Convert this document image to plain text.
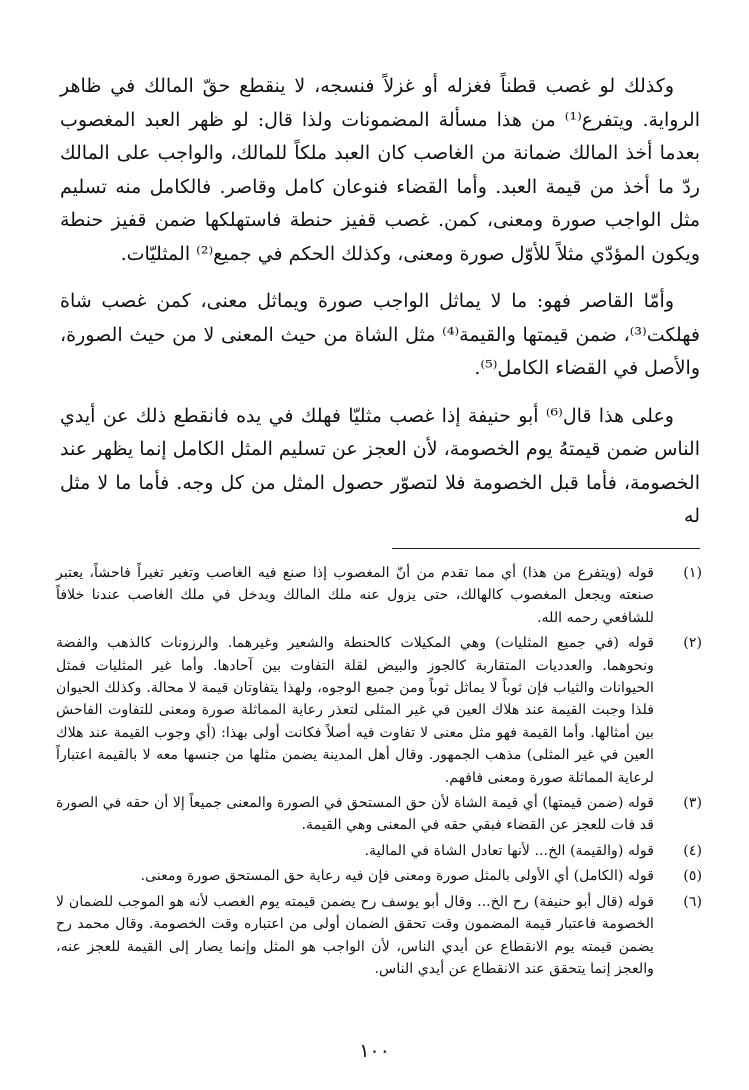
وكذلك لو غصب قطناً فغزله أو غزلاً فنسجه، لا ينقطع حقّ المالك في ظاهر الرواية. ويتفرع⁽¹⁾ من هذا مسألة المضمونات ولذا قال: لو ظهر العبد المغصوب بعدما أخذ المالك ضمانة من الغاصب كان العبد ملكاً للمالك، والواجب على المالك ردّ ما أخذ من قيمة العبد. وأما القضاء فنوعان كامل وقاصر. فالكامل منه تسليم مثل الواجب صورة ومعنى، كمن. غصب قفيز حنطة فاستهلكها ضمن قفيز حنطة ويكون المؤدّي مثلاً للأوّل صورة ومعنى، وكذلك الحكم في جميع⁽²⁾ المثليّات.

وأمّا القاصر فهو: ما لا يماثل الواجب صورة ويماثل معنى، كمن غصب شاة فهلكت⁽³⁾، ضمن قيمتها والقيمة⁽⁴⁾ مثل الشاة من حيث المعنى لا من حيث الصورة، والأصل في القضاء الكامل⁽⁵⁾.

وعلى هذا قال⁽⁶⁾ أبو حنيفة إذا غصب مثليّا فهلك في يده فانقطع ذلك عن أيدي الناس ضمن قيمتهُ يوم الخصومة، لأن العجز عن تسليم المثل الكامل إنما يظهر عند الخصومة، فأما قبل الخصومة فلا لتصوّر حصول المثل من كل وجه. فأما ما لا مثل له

(١)
قوله (ويتفرع من هذا) أي مما تقدم من أنّ المغصوب إذا صنع فيه الغاصب وتغير تغيراً فاحشاً، يعتبر صنعته ويجعل المغصوب كالهالك، حتى يزول عنه ملك المالك ويدخل في ملك الغاصب عندنا خلافاً للشافعي رحمه الله.
(٢)
قوله (في جميع المثليات) وهي المكيلات كالحنطة والشعير وغيرهما. والرزونات كالذهب والفضة ونحوهما. والعدديات المتقاربة كالجوز والبيض لقلة التفاوت بين آحادها. وأما غير المثليات فمثل الحيوانات والثياب فإن ثوباً لا يماثل ثوباً ومن جميع الوجوه، ولهذا يتفاوتان قيمة لا محالة. وكذلك الحيوان فلذا وجبت القيمة عند هلاك العين في غير المثلى لتعذر رعاية المماثلة صورة ومعنى للتفاوت الفاحش بين أمثالها. وأما القيمة فهو مثل معنى لا تفاوت فيه أصلاً فكانت أولى بهذا: (أي وجوب القيمة عند هلاك العين في غير المثلى) مذهب الجمهور. وقال أهل المدينة يضمن مثلها من جنسها معه لا بالقيمة اعتباراً لرعاية المماثلة صورة ومعنى فافهم.
(٣)
قوله (ضمن قيمتها) أي قيمة الشاة لأن حق المستحق في الصورة والمعنى جميعاً إلا أن حقه في الصورة قد فات للعجز عن القضاء فبقي حقه في المعنى وهي القيمة.
(٤)
قوله (والقيمة) الخ... لأنها تعادل الشاة في المالية.
(٥)
قوله (الكامل) أي الأولى بالمثل صورة ومعنى فإن فيه رعاية حق المستحق صورة ومعنى.
(٦)
قوله (قال أبو حنيفة) رح الخ... وقال أبو يوسف رح يضمن قيمته يوم الغصب لأنه هو الموجب للضمان لا الخصومة فاعتبار قيمة المضمون وقت تحقق الضمان أولى من اعتباره وقت الخصومة. وقال محمد رح يضمن قيمته يوم الانقطاع عن أيدي الناس، لأن الواجب هو المثل وإنما يصار إلى القيمة للعجز عنه، والعجز إنما يتحقق عند الانقطاع عن أيدي الناس.
١٠٠
